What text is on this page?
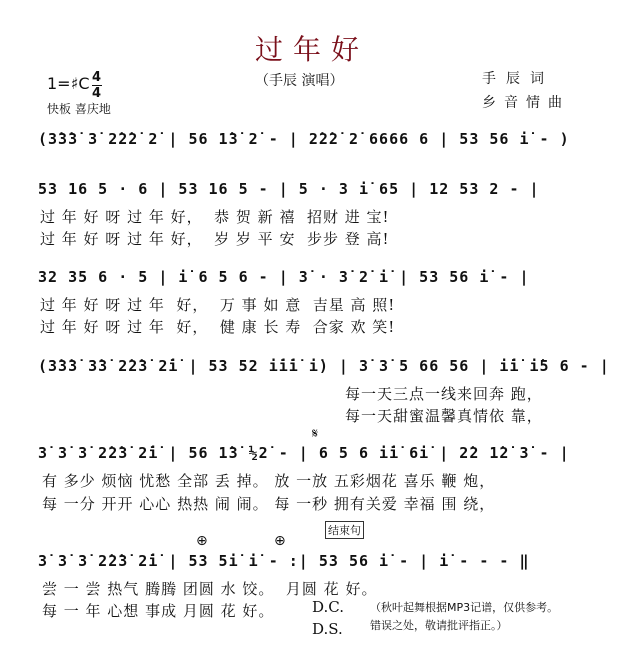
过年好
（手辰 演唱）	手辰词
乡音情曲
1=♯C 4
4
快板 喜庆地
(3̇3̇3̇ 3̇ 2̇2̇2̇ 2̇ | 56 1̇3̇ 2̇ - | 2̇2̇2̇ 2̇ 6666 6 | 53 56 i̇ - )
53 16 5 · 6 | 53 16 5 - | 5 · 3 i̇ 65 | 12 53 2 - |
过 年 好 呀 过 年 好，  恭 贺 新 禧  招财 进 宝!
过 年 好 呀 过 年 好，  岁 岁 平 安  步步 登 高!
32 35 6 · 5 | i̇ 6 5 6 - | 3̇ · 3̇ 2̇ i̇ | 53 56 i̇ - |
过 年 好 呀 过 年  好，  万 事 如 意  吉星 高 照!
过 年 好 呀 过 年  好，  健 康 长 寿  合家 欢 笑!
(3̇3̇3̇ 3̇3̇ 2̇2̇3̇ 2̇i̇ | 53 52 i̇i̇i̇ i̇) | 3̇ 3̇ 5 66 56 | i̇i̇ i̇5 6 - |
每一天三点一线来回奔 跑，
每一天甜蜜温馨真情依 靠，
𝄋
3̇ 3̇ 3̇ 2̇2̇3̇ 2̇i̇ | 56 1̇3̇ ½2̇ - | 6 5 6 i̇i̇ 6i̇ | 2̇2 1̇2̇ 3̇ - |
有 多少 烦恼 忧愁 全部 丢 掉。 放 一放 五彩烟花 喜乐 鞭 炮，
每 一分 开开 心心 热热 闹 闹。 每 一秒 拥有关爱 幸福 围 绕，
⊕	⊕
结束句
3̇ 3̇ 3̇ 2̇2̇3̇ 2̇i̇ | 53 5i̇ i̇ - :| 53 56 i̇ - | i̇ - - - ‖
尝 一 尝 热气 腾腾 团圆 水 饺。  月圆 花 好。
每 一 年 心想 事成 月圆 花 好。	D.C.
D.S.
（秋叶起舞根据MP3记谱，仅供参考。
错误之处，敬请批评指正。）
